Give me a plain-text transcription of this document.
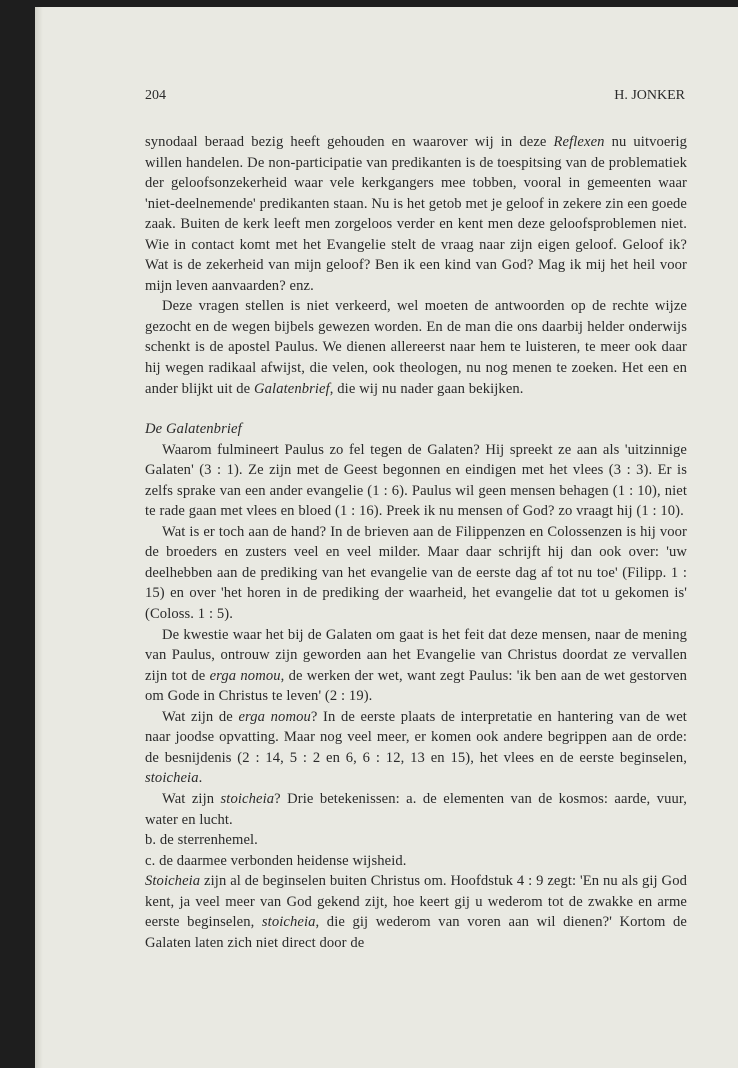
204	H. JONKER

synodaal beraad bezig heeft gehouden en waarover wij in deze Reflexen nu uitvoerig willen handelen. De non-participatie van predikanten is de toespitsing van de problematiek der geloofsonzekerheid waar vele kerkgangers mee tobben, vooral in gemeenten waar 'niet-deelnemende' predikanten staan. Nu is het getob met je geloof in zekere zin een goede zaak. Buiten de kerk leeft men zorgeloos verder en kent men deze geloofsproblemen niet. Wie in contact komt met het Evangelie stelt de vraag naar zijn eigen geloof. Geloof ik? Wat is de zekerheid van mijn geloof? Ben ik een kind van God? Mag ik mij het heil voor mijn leven aanvaarden? enz.

Deze vragen stellen is niet verkeerd, wel moeten de antwoorden op de rechte wijze gezocht en de wegen bijbels gewezen worden. En de man die ons daarbij helder onderwijs schenkt is de apostel Paulus. We dienen allereerst naar hem te luisteren, te meer ook daar hij wegen radikaal afwijst, die velen, ook theologen, nu nog menen te zoeken. Het een en ander blijkt uit de Galatenbrief, die wij nu nader gaan bekijken.

De Galatenbrief

Waarom fulmineert Paulus zo fel tegen de Galaten? Hij spreekt ze aan als 'uitzinnige Galaten' (3 : 1). Ze zijn met de Geest begonnen en eindigen met het vlees (3 : 3). Er is zelfs sprake van een ander evangelie (1 : 6). Paulus wil geen mensen behagen (1 : 10), niet te rade gaan met vlees en bloed (1 : 16). Preek ik nu mensen of God? zo vraagt hij (1 : 10).

Wat is er toch aan de hand? In de brieven aan de Filippenzen en Colossenzen is hij voor de broeders en zusters veel en veel milder. Maar daar schrijft hij dan ook over: 'uw deelhebben aan de prediking van het evangelie van de eerste dag af tot nu toe' (Filipp. 1 : 15) en over 'het horen in de prediking der waarheid, het evangelie dat tot u gekomen is' (Coloss. 1 : 5).

De kwestie waar het bij de Galaten om gaat is het feit dat deze mensen, naar de mening van Paulus, ontrouw zijn geworden aan het Evangelie van Christus doordat ze vervallen zijn tot de erga nomou, de werken der wet, want zegt Paulus: 'ik ben aan de wet gestorven om Gode in Christus te leven' (2 : 19).

Wat zijn de erga nomou? In de eerste plaats de interpretatie en hantering van de wet naar joodse opvatting. Maar nog veel meer, er komen ook andere begrippen aan de orde: de besnijdenis (2 : 14, 5 : 2 en 6, 6 : 12, 13 en 15), het vlees en de eerste beginselen, stoicheia.

Wat zijn stoicheia? Drie betekenissen: a. de elementen van de kosmos: aarde, vuur, water en lucht.

b. de sterrenhemel.

c. de daarmee verbonden heidense wijsheid.

Stoicheia zijn al de beginselen buiten Christus om. Hoofdstuk 4 : 9 zegt: 'En nu als gij God kent, ja veel meer van God gekend zijt, hoe keert gij u wederom tot de zwakke en arme eerste beginselen, stoicheia, die gij wederom van voren aan wil dienen?' Kortom de Galaten laten zich niet direct door de
